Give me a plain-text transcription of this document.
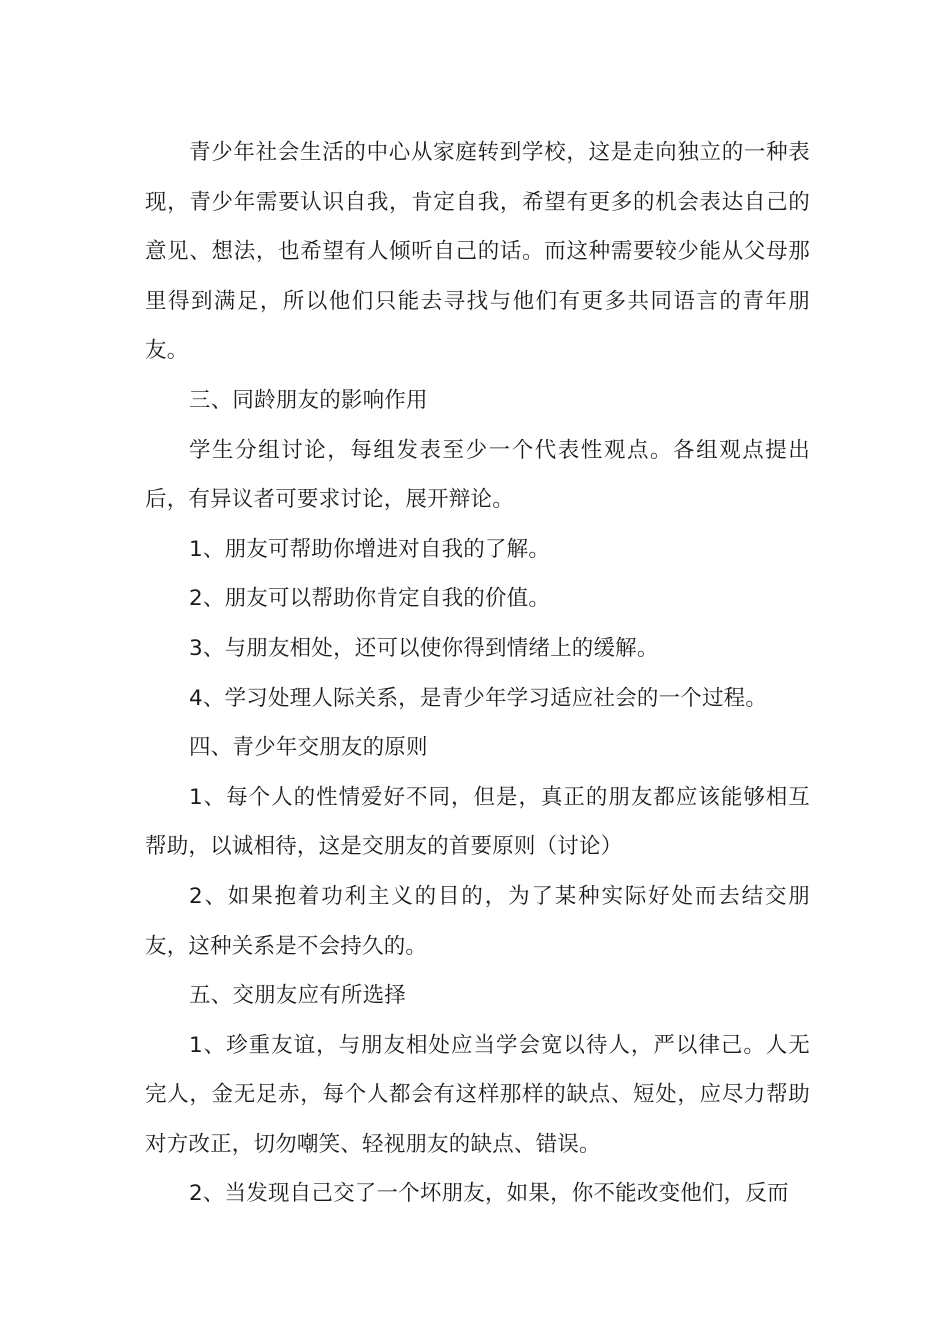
青少年社会生活的中心从家庭转到学校，这是走向独立的一种表现，青少年需要认识自我，肯定自我，希望有更多的机会表达自己的意见、想法，也希望有人倾听自己的话。而这种需要较少能从父母那里得到满足，所以他们只能去寻找与他们有更多共同语言的青年朋友。

三、同龄朋友的影响作用

学生分组讨论，每组发表至少一个代表性观点。各组观点提出后，有异议者可要求讨论，展开辩论。

1、朋友可帮助你增进对自我的了解。

2、朋友可以帮助你肯定自我的价值。

3、与朋友相处，还可以使你得到情绪上的缓解。

4、学习处理人际关系，是青少年学习适应社会的一个过程。

四、青少年交朋友的原则

1、每个人的性情爱好不同，但是，真正的朋友都应该能够相互帮助，以诚相待，这是交朋友的首要原则（讨论）

2、如果抱着功利主义的目的，为了某种实际好处而去结交朋友，这种关系是不会持久的。

五、交朋友应有所选择

1、珍重友谊，与朋友相处应当学会宽以待人，严以律己。人无完人，金无足赤，每个人都会有这样那样的缺点、短处，应尽力帮助对方改正，切勿嘲笑、轻视朋友的缺点、错误。

2、当发现自己交了一个坏朋友，如果，你不能改变他们，反而
